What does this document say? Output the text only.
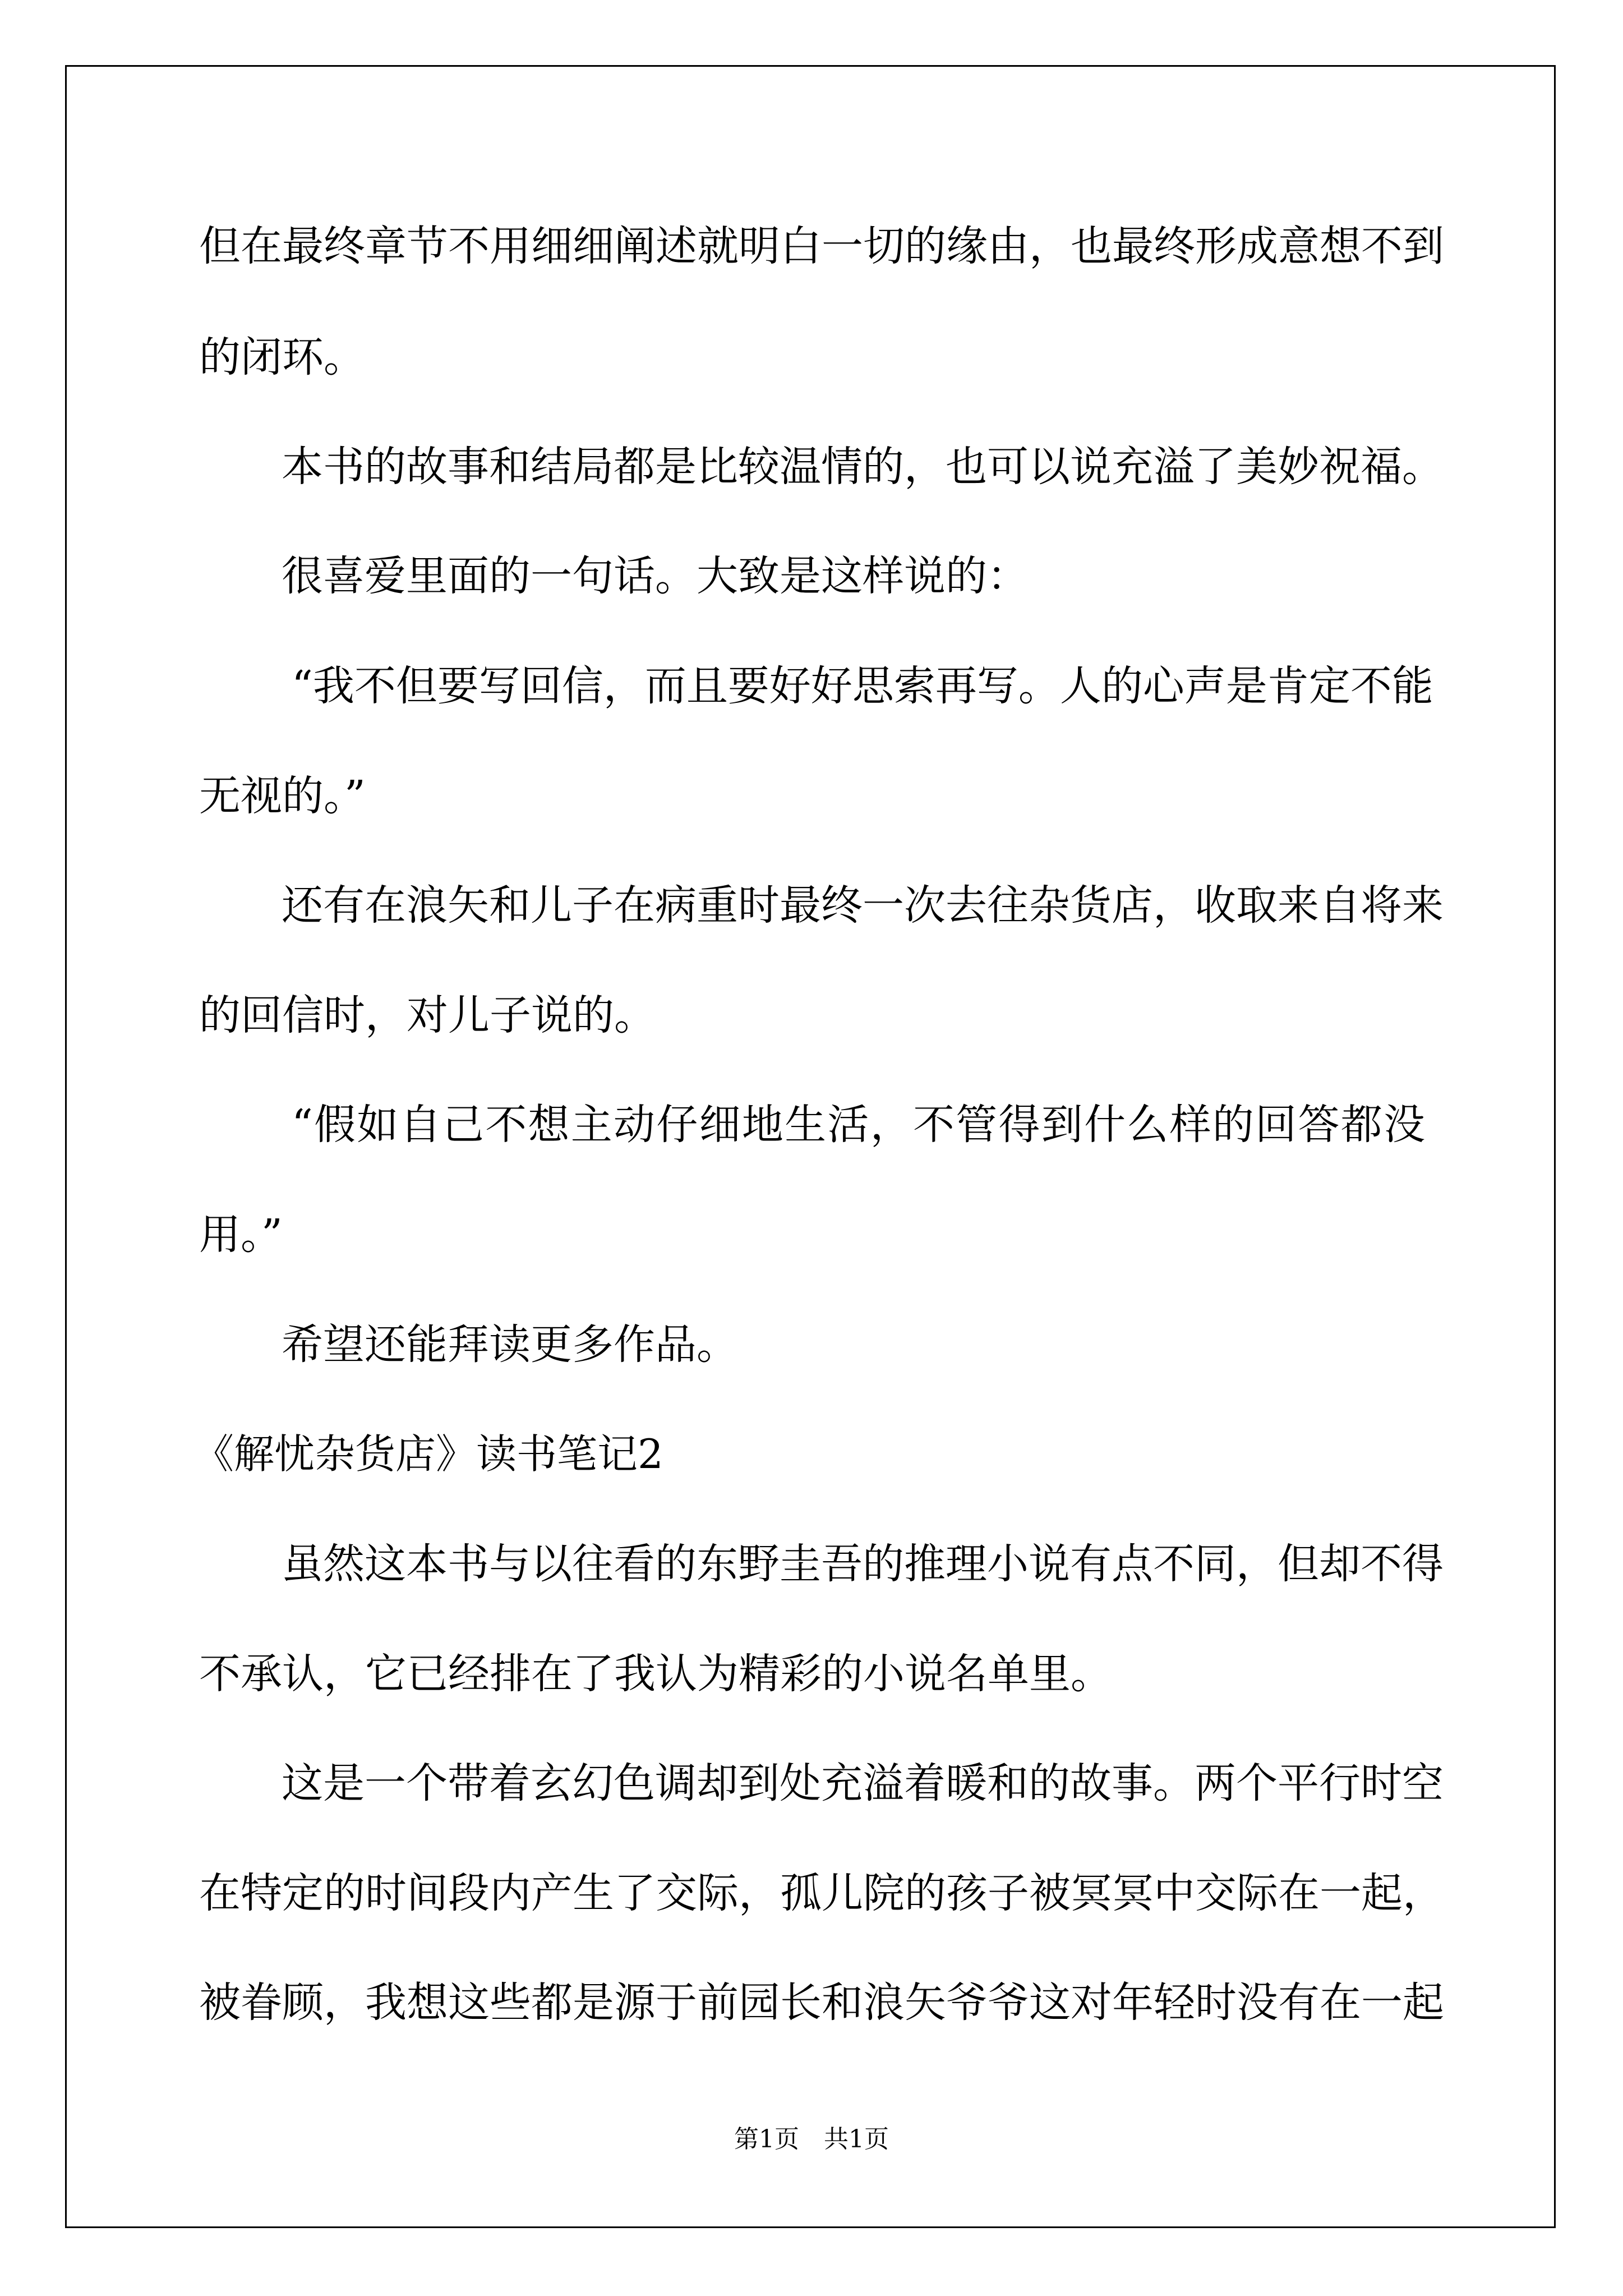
但在最终章节不用细细阐述就明白一切的缘由，也最终形成意想不到
的闭环。
本书的故事和结局都是比较温情的，也可以说充溢了美妙祝福。
很喜爱里面的一句话。大致是这样说的：
“我不但要写回信，而且要好好思索再写。人的心声是肯定不能
无视的。”
还有在浪矢和儿子在病重时最终一次去往杂货店，收取来自将来
的回信时，对儿子说的。
“假如自己不想主动仔细地生活，不管得到什么样的回答都没
用。”
希望还能拜读更多作品。
《解忧杂货店》读书笔记2
虽然这本书与以往看的东野圭吾的推理小说有点不同，但却不得
不承认，它已经排在了我认为精彩的小说名单里。
这是一个带着玄幻色调却到处充溢着暖和的故事。两个平行时空
在特定的时间段内产生了交际，孤儿院的孩子被冥冥中交际在一起，
被眷顾，我想这些都是源于前园长和浪矢爷爷这对年轻时没有在一起
第1页　共1页
